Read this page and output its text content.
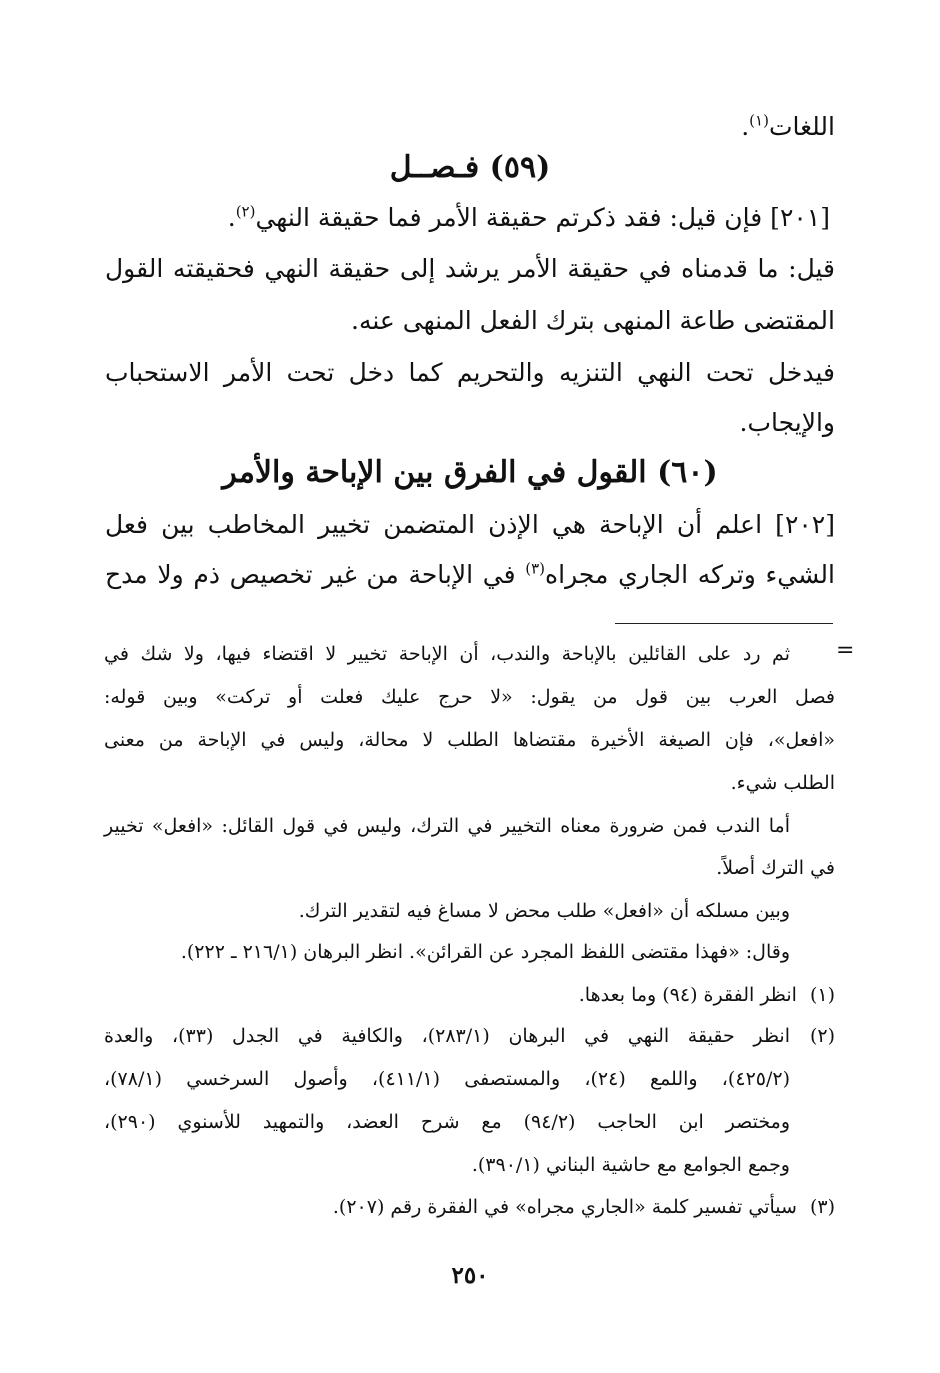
اللغات$^{(١)}$.
(٥٩) فـصــل
[٢٠١] فإن قيل: فقد ذكرتم حقيقة الأمر فما حقيقة النهي$^{(٢)}$.
قيل: ما قدمناه في حقيقة الأمر يرشد إلى حقيقة النهي فحقيقته القول
المقتضى طاعة المنهى بترك الفعل المنهى عنه.
فيدخل تحت النهي التنزيه والتحريم كما دخل تحت الأمر الاستحباب
والإيجاب.
(٦٠) القول في الفرق بين الإباحة والأمر
[٢٠٢] اعلم أن الإباحة هي الإذن المتضمن تخيير المخاطب بين فعل
الشيء وتركه الجاري مجراه$^{(٣)}$ في الإباحة من غير تخصيص ذم ولا مدح
=
ثم رد على القائلين بالإباحة والندب، أن الإباحة تخيير لا اقتضاء فيها، ولا شك في
فصل العرب بين قول من يقول: «لا حرج عليك فعلت أو تركت» وبين قوله:
«افعل»، فإن الصيغة الأخيرة مقتضاها الطلب لا محالة، وليس في الإباحة من معنى
الطلب شيء.
أما الندب فمن ضرورة معناه التخيير في الترك، وليس في قول القائل: «افعل» تخيير
في الترك أصلاً.
وبين مسلكه أن «افعل» طلب محض لا مساغ فيه لتقدير الترك.
وقال: «فهذا مقتضى اللفظ المجرد عن القرائن». انظر البرهان (٢١٦/١ ـ ٢٢٢).
(١) انظر الفقرة (٩٤) وما بعدها.
(٢)
انظر حقيقة النهي في البرهان (٢٨٣/١)، والكافية في الجدل (٣٣)، والعدة
(٤٢٥/٢)، واللمع (٢٤)، والمستصفى (٤١١/١)، وأصول السرخسي (٧٨/١)،
ومختصر ابن الحاجب (٩٤/٢) مع شرح العضد، والتمهيد للأسنوي (٢٩٠)،
وجمع الجوامع مع حاشية البناني (٣٩٠/١).
(٣) سيأتي تفسير كلمة «الجاري مجراه» في الفقرة رقم (٢٠٧).
٢٥٠
